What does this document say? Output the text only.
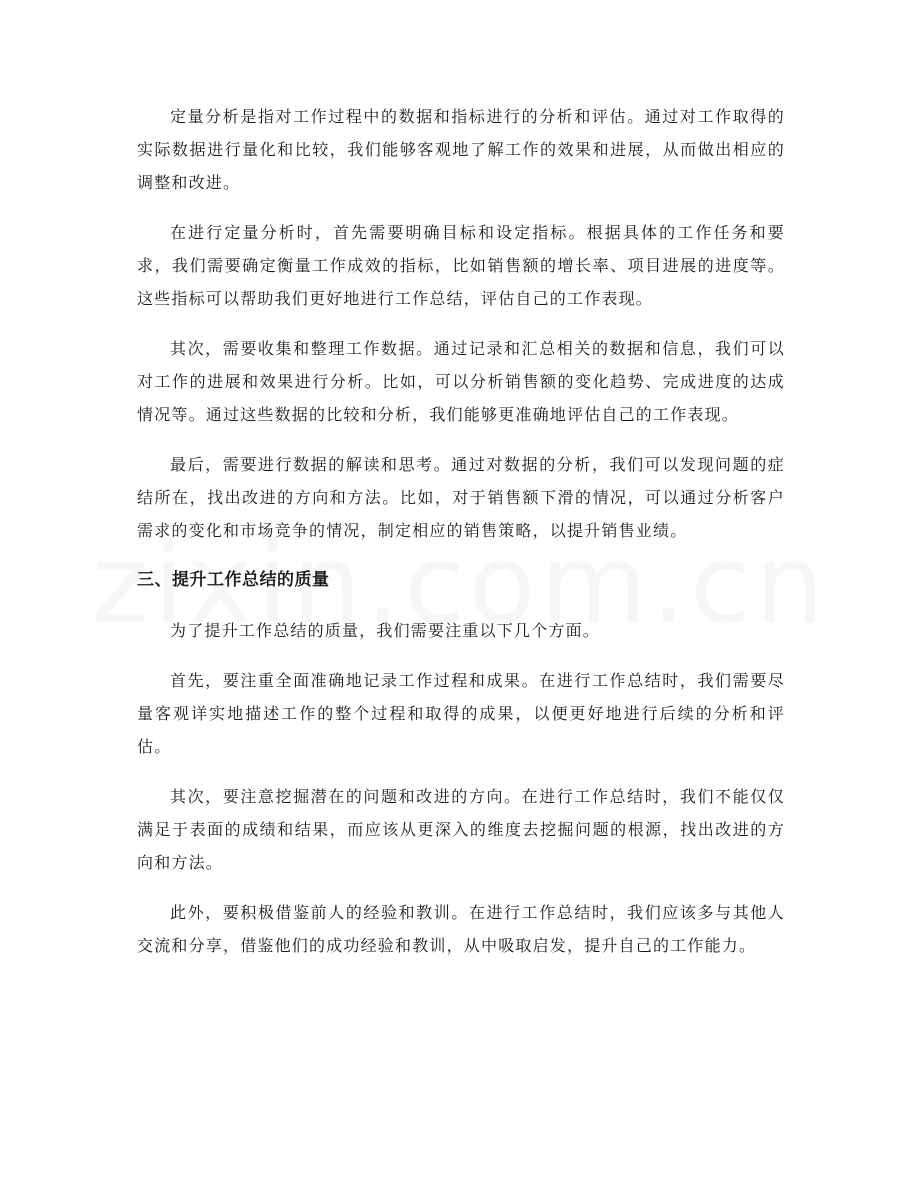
定量分析是指对工作过程中的数据和指标进行的分析和评估。通过对工作取得的实际数据进行量化和比较，我们能够客观地了解工作的效果和进展，从而做出相应的调整和改进。

在进行定量分析时，首先需要明确目标和设定指标。根据具体的工作任务和要求，我们需要确定衡量工作成效的指标，比如销售额的增长率、项目进展的进度等。这些指标可以帮助我们更好地进行工作总结，评估自己的工作表现。

其次，需要收集和整理工作数据。通过记录和汇总相关的数据和信息，我们可以对工作的进展和效果进行分析。比如，可以分析销售额的变化趋势、完成进度的达成情况等。通过这些数据的比较和分析，我们能够更准确地评估自己的工作表现。

最后，需要进行数据的解读和思考。通过对数据的分析，我们可以发现问题的症结所在，找出改进的方向和方法。比如，对于销售额下滑的情况，可以通过分析客户需求的变化和市场竞争的情况，制定相应的销售策略，以提升销售业绩。

三、提升工作总结的质量

为了提升工作总结的质量，我们需要注重以下几个方面。

首先，要注重全面准确地记录工作过程和成果。在进行工作总结时，我们需要尽量客观详实地描述工作的整个过程和取得的成果，以便更好地进行后续的分析和评估。

其次，要注意挖掘潜在的问题和改进的方向。在进行工作总结时，我们不能仅仅满足于表面的成绩和结果，而应该从更深入的维度去挖掘问题的根源，找出改进的方向和方法。

此外，要积极借鉴前人的经验和教训。在进行工作总结时，我们应该多与其他人交流和分享，借鉴他们的成功经验和教训，从中吸取启发，提升自己的工作能力。
